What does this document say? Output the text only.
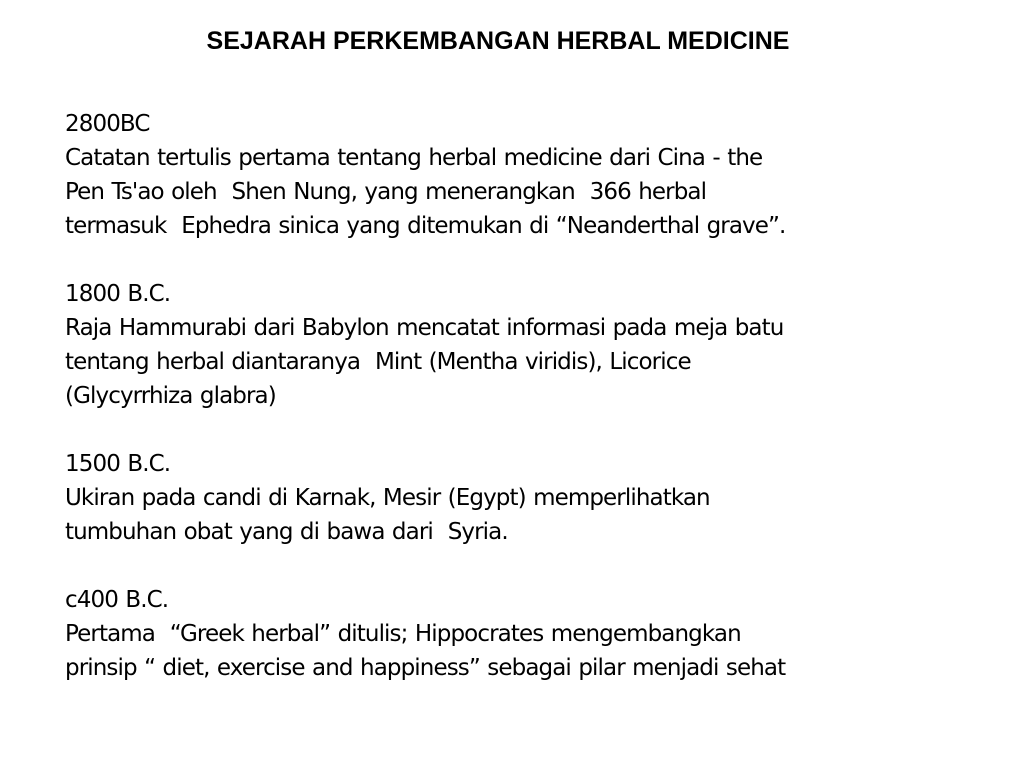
SEJARAH PERKEMBANGAN HERBAL MEDICINE

2800BC

Catatan tertulis pertama tentang herbal medicine dari Cina - the

Pen Ts'ao oleh  Shen Nung, yang menerangkan  366 herbal

termasuk  Ephedra sinica yang ditemukan di “Neanderthal grave”.

1800 B.C.

Raja Hammurabi dari Babylon mencatat informasi pada meja batu

tentang herbal diantaranya  Mint (Mentha viridis), Licorice

(Glycyrrhiza glabra)

1500 B.C.

Ukiran pada candi di Karnak, Mesir (Egypt) memperlihatkan

tumbuhan obat yang di bawa dari  Syria.

c400 B.C.

Pertama  “Greek herbal” ditulis; Hippocrates mengembangkan

prinsip “ diet, exercise and happiness” sebagai pilar menjadi sehat
